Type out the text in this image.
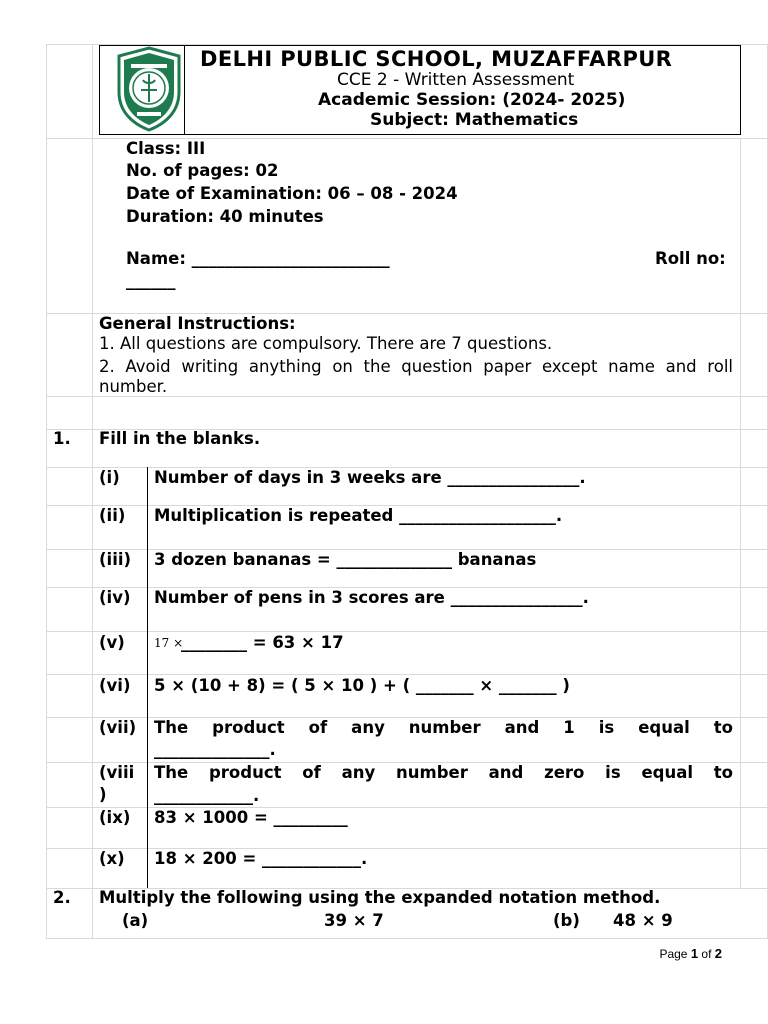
DELHI PUBLIC SCHOOL, MUZAFFARPUR
CCE 2 - Written Assessment
Academic Session: (2024- 2025)
Subject: Mathematics
Class: III
No. of pages: 02
Date of Examination: 06 – 08 - 2024
Duration: 40 minutes
Name: ________________________	Roll no:
______
General Instructions:
1. All questions are compulsory. There are 7 questions.
2. Avoid writing anything on the question paper except name and roll
number.
1. Fill in the blanks.
(i) Number of days in 3 weeks are ________________.
(ii) Multiplication is repeated ___________________.
(iii) 3 dozen bananas = ______________ bananas
(iv) Number of pens in 3 scores are ________________.
(v) 17 ×
________ = 63 × 17
(vi) 5 × (10 + 8) = ( 5 × 10 ) + ( _______ × _______ )
(vii) The product of any number and 1 is equal to
______________.
(viii
)
The product of any number and zero is equal to
____________.
(ix) 83 × 1000 = _________
(x) 18 × 200 = ____________.
2. Multiply the following using the expanded notation method.
(a)	39 × 7	(b) 48 × 9
Page 1 of 2
